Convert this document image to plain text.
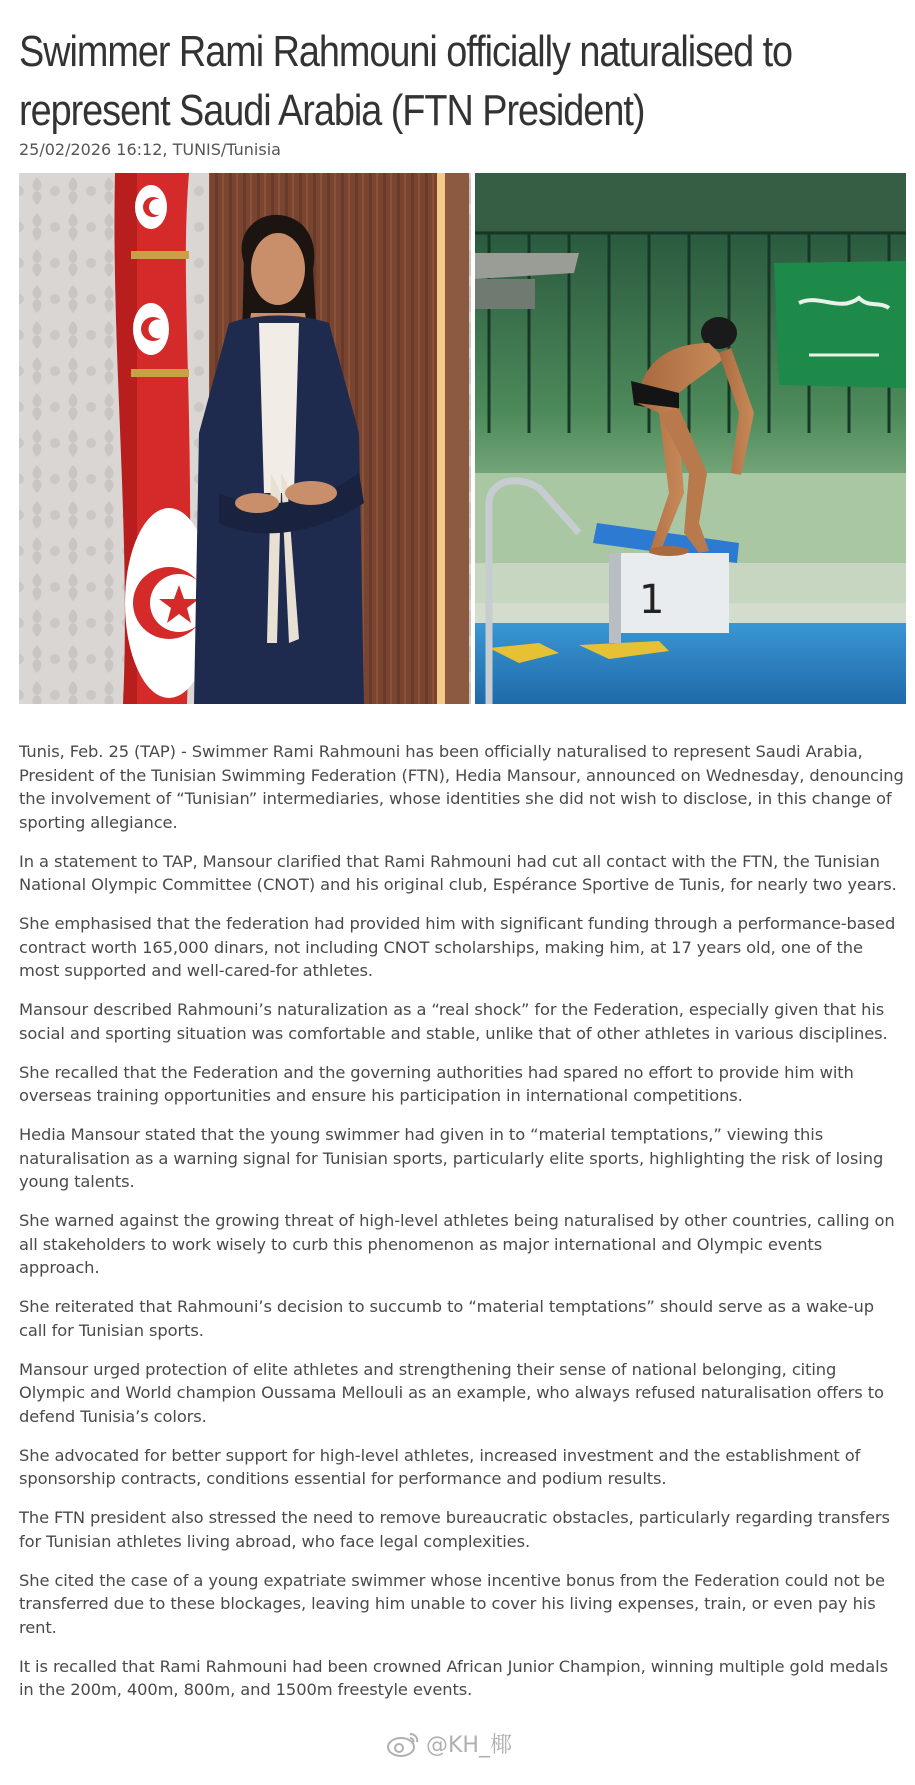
Swimmer Rami Rahmouni officially naturalised to represent Saudi Arabia (FTN President)
25/02/2026 16:12, TUNIS/Tunisia
1

Tunis, Feb. 25 (TAP) - Swimmer Rami Rahmouni has been officially naturalised to represent Saudi Arabia, President of the Tunisian Swimming Federation (FTN), Hedia Mansour, announced on Wednesday, denouncing the involvement of “Tunisian” intermediaries, whose identities she did not wish to disclose, in this change of sporting allegiance.

In a statement to TAP, Mansour clarified that Rami Rahmouni had cut all contact with the FTN, the Tunisian National Olympic Committee (CNOT) and his original club, Espérance Sportive de Tunis, for nearly two years.

She emphasised that the federation had provided him with significant funding through a performance-based contract worth 165,000 dinars, not including CNOT scholarships, making him, at 17 years old, one of the most supported and well-cared-for athletes.

Mansour described Rahmouni’s naturalization as a “real shock” for the Federation, especially given that his social and sporting situation was comfortable and stable, unlike that of other athletes in various disciplines.

She recalled that the Federation and the governing authorities had spared no effort to provide him with overseas training opportunities and ensure his participation in international competitions.

Hedia Mansour stated that the young swimmer had given in to “material temptations,” viewing this naturalisation as a warning signal for Tunisian sports, particularly elite sports, highlighting the risk of losing young talents.

She warned against the growing threat of high-level athletes being naturalised by other countries, calling on all stakeholders to work wisely to curb this phenomenon as major international and Olympic events approach.

She reiterated that Rahmouni’s decision to succumb to “material temptations” should serve as a wake-up call for Tunisian sports.

Mansour urged protection of elite athletes and strengthening their sense of national belonging, citing Olympic and World champion Oussama Mellouli as an example, who always refused naturalisation offers to defend Tunisia’s colors.

She advocated for better support for high-level athletes, increased investment and the establishment of sponsorship contracts, conditions essential for performance and podium results.

The FTN president also stressed the need to remove bureaucratic obstacles, particularly regarding transfers for Tunisian athletes living abroad, who face legal complexities.

She cited the case of a young expatriate swimmer whose incentive bonus from the Federation could not be transferred due to these blockages, leaving him unable to cover his living expenses, train, or even pay his rent.

It is recalled that Rami Rahmouni had been crowned African Junior Champion, winning multiple gold medals in the 200m, 400m, 800m, and 1500m freestyle events.

@KH_椰
